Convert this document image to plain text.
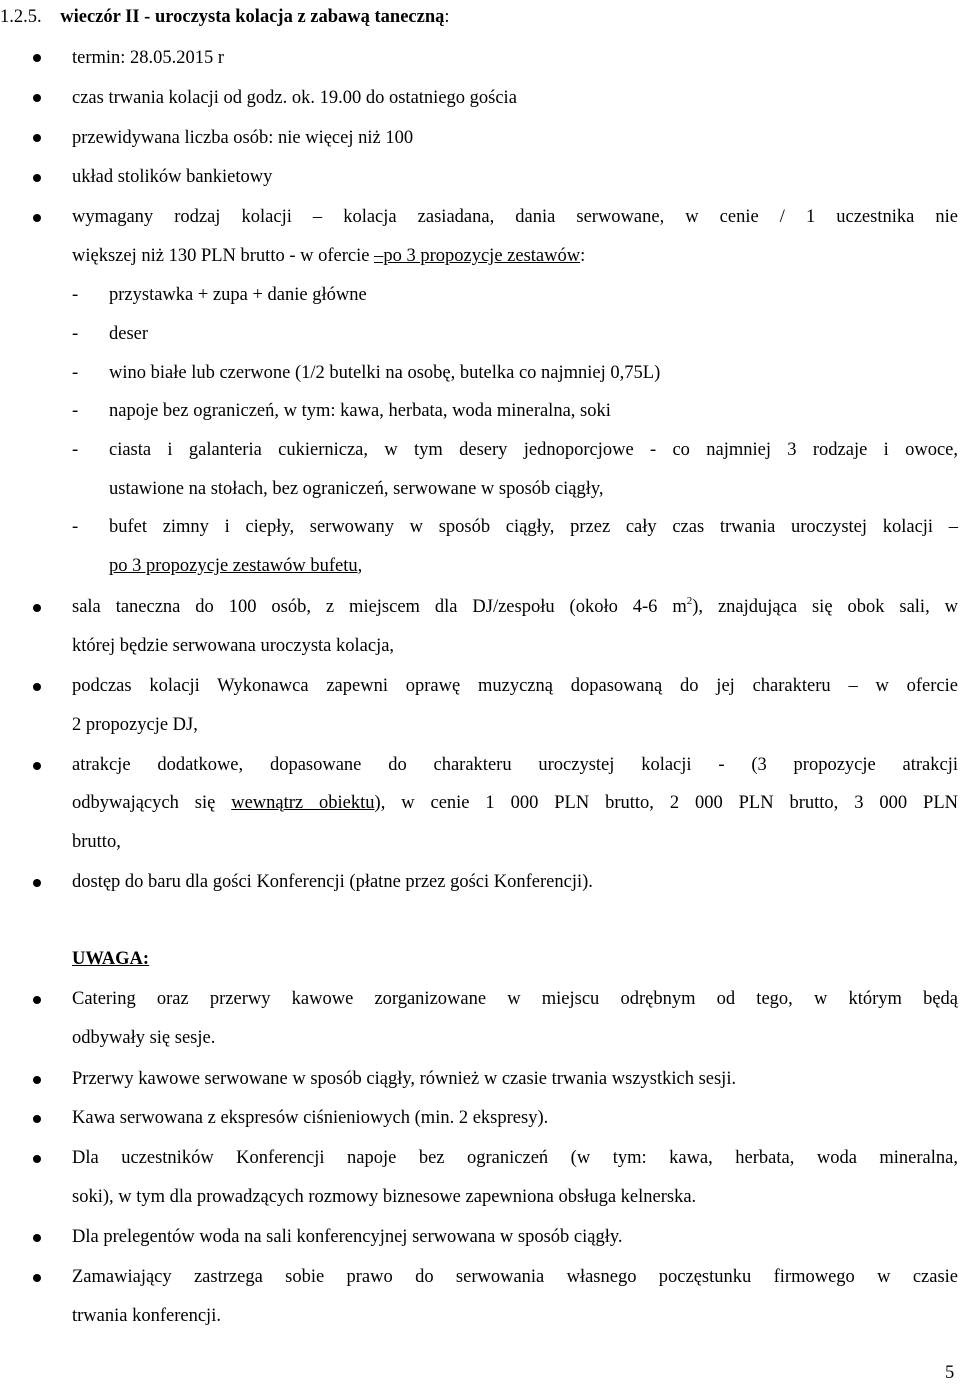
1.2.5. wieczór II - uroczysta kolacja z zabawą taneczną:
termin: 28.05.2015 r
czas trwania kolacji od godz. ok. 19.00 do ostatniego gościa
przewidywana liczba osób: nie więcej niż 100
układ stolików bankietowy
wymagany rodzaj kolacji – kolacja zasiadana, dania serwowane, w cenie / 1 uczestnika nie
większej niż 130 PLN brutto - w ofercie –po 3 propozycje zestawów:
- przystawka + zupa + danie główne
- deser
- wino białe lub czerwone (1/2 butelki na osobę, butelka co najmniej 0,75L)
- napoje bez ograniczeń, w tym: kawa, herbata, woda mineralna, soki
- ciasta i galanteria cukiernicza, w tym desery jednoporcjowe - co najmniej 3 rodzaje i owoce,
ustawione na stołach, bez ograniczeń, serwowane w sposób ciągły,
- bufet zimny i ciepły, serwowany w sposób ciągły, przez cały czas trwania uroczystej kolacji –
po 3 propozycje zestawów bufetu,
sala taneczna do 100 osób, z miejscem dla DJ/zespołu (około 4-6 $m^2$), znajdująca się obok sali, w
której będzie serwowana uroczysta kolacja,
podczas kolacji Wykonawca zapewni oprawę muzyczną dopasowaną do jej charakteru – w ofercie
2 propozycje DJ,
atrakcje dodatkowe, dopasowane do charakteru uroczystej kolacji - (3 propozycje atrakcji
odbywających się wewnątrz obiektu), w cenie 1 000 PLN brutto, 2 000 PLN brutto, 3 000 PLN
brutto,
dostęp do baru dla gości Konferencji (płatne przez gości Konferencji).
UWAGA:
Catering oraz przerwy kawowe zorganizowane w miejscu odrębnym od tego, w którym będą
odbywały się sesje.
Przerwy kawowe serwowane w sposób ciągły, również w czasie trwania wszystkich sesji.
Kawa serwowana z ekspresów ciśnieniowych (min. 2 ekspresy).
Dla uczestników Konferencji napoje bez ograniczeń (w tym: kawa, herbata, woda mineralna,
soki), w tym dla prowadzących rozmowy biznesowe zapewniona obsługa kelnerska.
Dla prelegentów woda na sali konferencyjnej serwowana w sposób ciągły.
Zamawiający zastrzega sobie prawo do serwowania własnego poczęstunku firmowego w czasie
trwania konferencji.
5
